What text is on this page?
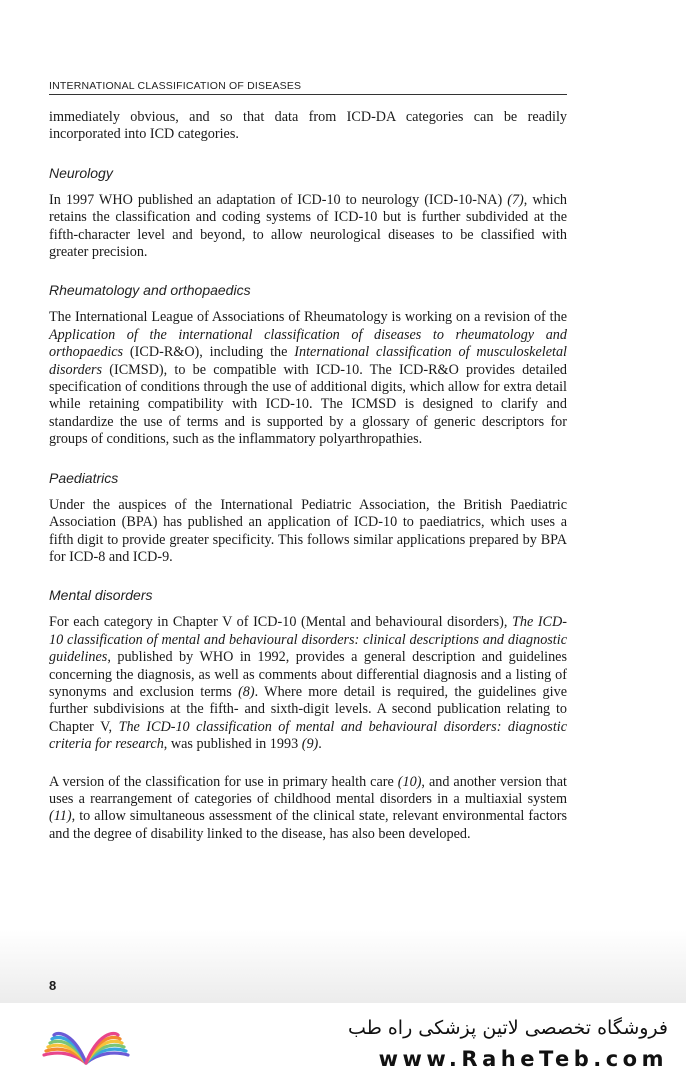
INTERNATIONAL CLASSIFICATION OF DISEASES

immediately obvious, and so that data from ICD-DA categories can be readily incorporated into ICD categories.

Neurology

In 1997 WHO published an adaptation of ICD-10 to neurology (ICD-10-NA) (7), which retains the classification and coding systems of ICD-10 but is further subdivided at the fifth-character level and beyond, to allow neurological diseases to be classified with greater precision.

Rheumatology and orthopaedics

The International League of Associations of Rheumatology is working on a revision of the Application of the international classification of diseases to rheumatology and orthopaedics (ICD-R&O), including the International classification of musculoskeletal disorders (ICMSD), to be compatible with ICD-10. The ICD-R&O provides detailed specification of conditions through the use of additional digits, which allow for extra detail while retaining compatibility with ICD-10. The ICMSD is designed to clarify and standardize the use of terms and is supported by a glossary of generic descriptors for groups of conditions, such as the inflammatory polyarthropathies.

Paediatrics

Under the auspices of the International Pediatric Association, the British Paediatric Association (BPA) has published an application of ICD-10 to paediatrics, which uses a fifth digit to provide greater specificity. This follows similar applications prepared by BPA for ICD-8 and ICD-9.

Mental disorders

For each category in Chapter V of ICD-10 (Mental and behavioural disorders), The ICD-10 classification of mental and behavioural disorders: clinical descriptions and diagnostic guidelines, published by WHO in 1992, provides a general description and guidelines concerning the diagnosis, as well as comments about differential diagnosis and a listing of synonyms and exclusion terms (8). Where more detail is required, the guidelines give further subdivisions at the fifth- and sixth-digit levels. A second publication relating to Chapter V, The ICD-10 classification of mental and behavioural disorders: diagnostic criteria for research, was published in 1993 (9).

A version of the classification for use in primary health care (10), and another version that uses a rearrangement of categories of childhood mental disorders in a multiaxial system (11), to allow simultaneous assessment of the clinical state, relevant environmental factors and the degree of disability linked to the disease, has also been developed.

8
فروشگاه تخصصی لاتین پزشکی راه طب
www.RaheTeb.com
